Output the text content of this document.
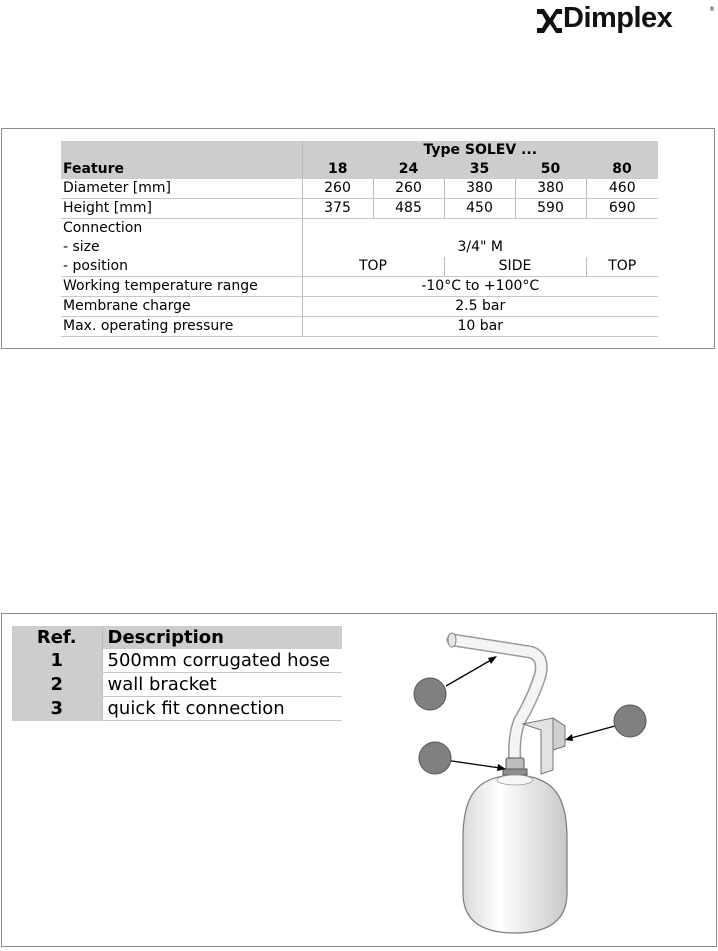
Dimplex	®
	Type SOLEV ...				
Feature	18	24	35	50	80
Diameter [mm]	260	260	380	380	460
Height [mm]	375	485	450	590	690
Connection					
- size	3/4" M				
- position	TOP		SIDE		TOP
Working temperature range	-10°C to +100°C				
Membrane charge	2.5 bar				
Max. operating pressure	10 bar				
Ref.	Description
1	500mm corrugated hose
2	wall bracket
3	quick fit connection
